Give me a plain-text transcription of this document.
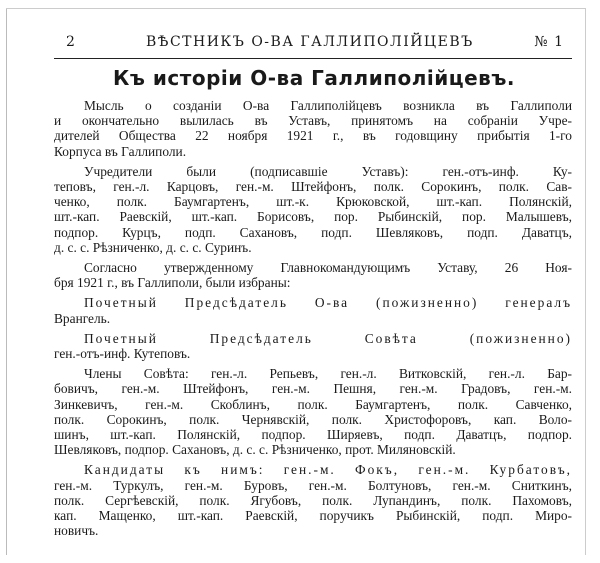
2	ВѢСТНИКЪ О-ВА ГАЛЛИПОЛІЙЦЕВЪ	№ 1
Къ исторіи О-ва Галлиполійцевъ.

Мысль о созданіи О-ва Галлиполійцевъ возникла въ Галлиполи
и окончательно вылилась въ Уставъ, принятомъ на собраніи Учре-
дителей Общества 22 ноября 1921 г., въ годовщину прибытія 1-го
Корпуса въ Галлиполи.

Учредители были (подписавшіе Уставъ): ген.-отъ-инф. Ку-
теповъ, ген.-л. Карцовъ, ген.-м. Штейфонъ, полк. Сорокинъ, полк. Сав-
ченко, полк. Баумгартенъ, шт.-к. Крюковской, шт.-кап. Полянскій,
шт.-кап. Раевскій, шт.-кап. Борисовъ, пор. Рыбинскій, пор. Малышевъ,
подпор. Курцъ, подп. Сахановъ, подп. Шевляковъ, подп. Даватцъ,
д. с. с. Рѣзниченко, д. с. с. Суринъ.

Согласно утвержденному Главнокомандующимъ Уставу, 26 Ноя-
бря 1921 г., въ Галлиполи, были избраны:

Почетный Предсѣдатель О-ва (пожизненно) генералъ
Врангель.

Почетный Предсѣдатель Совѣта (пожизненно)
ген.-отъ-инф. Кутеповъ.

Члены Совѣта: ген.-л. Репьевъ, ген.-л. Витковскій, ген.-л. Бар-
бовичъ, ген.-м. Штейфонъ, ген.-м. Пешня, ген.-м. Градовъ, ген.-м.
Зинкевичъ, ген.-м. Скоблинъ, полк. Баумгартенъ, полк. Савченко,
полк. Сорокинъ, полк. Чернявскій, полк. Христофоровъ, кап. Воло-
шинъ, шт.-кап. Полянскій, подпор. Ширяевъ, подп. Даватцъ, подпор.
Шевляковъ, подпор. Сахановъ, д. с. с. Рѣзниченко, прот. Миляновскій.

Кандидаты къ нимъ: ген.-м. Фокъ, ген.-м. Курбатовъ,
ген.-м. Туркулъ, ген.-м. Буровъ, ген.-м. Болтуновъ, ген.-м. Сниткинъ,
полк. Сергѣевскій, полк. Ягубовъ, полк. Лупандинъ, полк. Пахомовъ,
кап. Мащенко, шт.-кап. Раевскій, поручикъ Рыбинскій, подп. Миро-
новичъ.
